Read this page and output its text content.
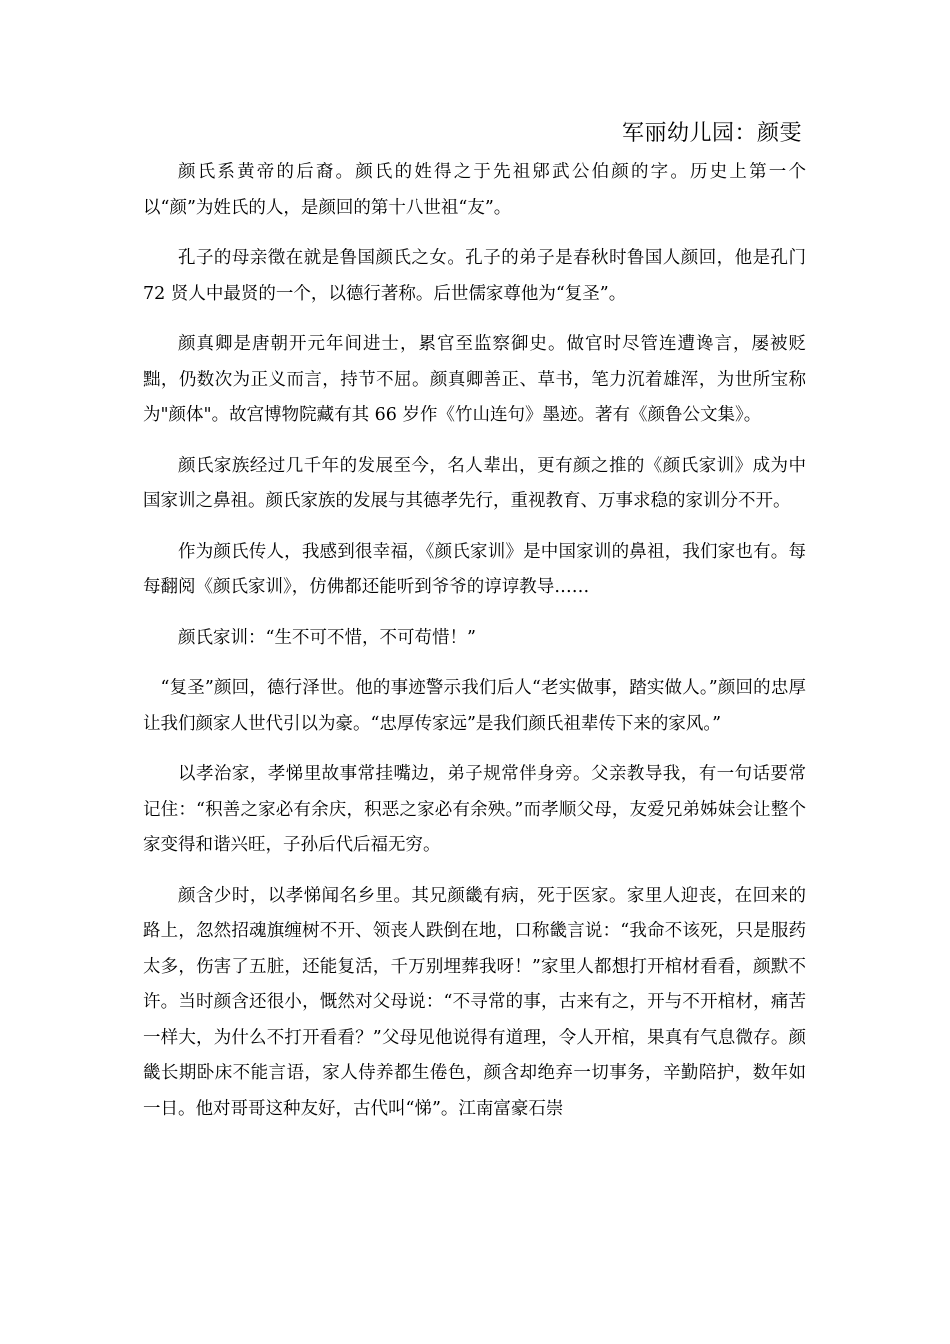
军丽幼儿园：颜雯

颜氏系黄帝的后裔。颜氏的姓得之于先祖郳武公伯颜的字。历史上第一个以“颜”为姓氏的人，是颜回的第十八世祖“友”。

孔子的母亲徵在就是鲁国颜氏之女。孔子的弟子是春秋时鲁国人颜回，他是孔门 72 贤人中最贤的一个，以德行著称。后世儒家尊他为“复圣”。

颜真卿是唐朝开元年间进士，累官至监察御史。做官时尽管连遭谗言，屡被贬黜，仍数次为正义而言，持节不屈。颜真卿善正、草书，笔力沉着雄浑，为世所宝称为"颜体"。故宫博物院藏有其 66 岁作《竹山连句》墨迹。著有《颜鲁公文集》。

颜氏家族经过几千年的发展至今，名人辈出，更有颜之推的《颜氏家训》成为中国家训之鼻祖。颜氏家族的发展与其德孝先行，重视教育、万事求稳的家训分不开。

作为颜氏传人，我感到很幸福，《颜氏家训》是中国家训的鼻祖，我们家也有。每每翻阅《颜氏家训》，仿佛都还能听到爷爷的谆谆教导……

颜氏家训：“生不可不惜，不可苟惜！”

“复圣”颜回，德行泽世。他的事迹警示我们后人“老实做事，踏实做人。”颜回的忠厚让我们颜家人世代引以为豪。“忠厚传家远”是我们颜氏祖辈传下来的家风。”

以孝治家，孝悌里故事常挂嘴边，弟子规常伴身旁。父亲教导我，有一句话要常记住：“积善之家必有余庆，积恶之家必有余殃。”而孝顺父母，友爱兄弟姊妹会让整个家变得和谐兴旺，子孙后代后福无穷。

颜含少时，以孝悌闻名乡里。其兄颜畿有病，死于医家。家里人迎丧，在回来的路上，忽然招魂旗缠树不开、领丧人跌倒在地，口称畿言说：“我命不该死，只是服药太多，伤害了五脏，还能复活，千万别埋葬我呀！”家里人都想打开棺材看看，颜默不许。当时颜含还很小，慨然对父母说：“不寻常的事，古来有之，开与不开棺材，痛苦一样大，为什么不打开看看？”父母见他说得有道理，令人开棺，果真有气息微存。颜畿长期卧床不能言语，家人侍养都生倦色，颜含却绝弃一切事务，辛勤陪护，数年如一日。他对哥哥这种友好，古代叫“悌”。江南富豪石崇
